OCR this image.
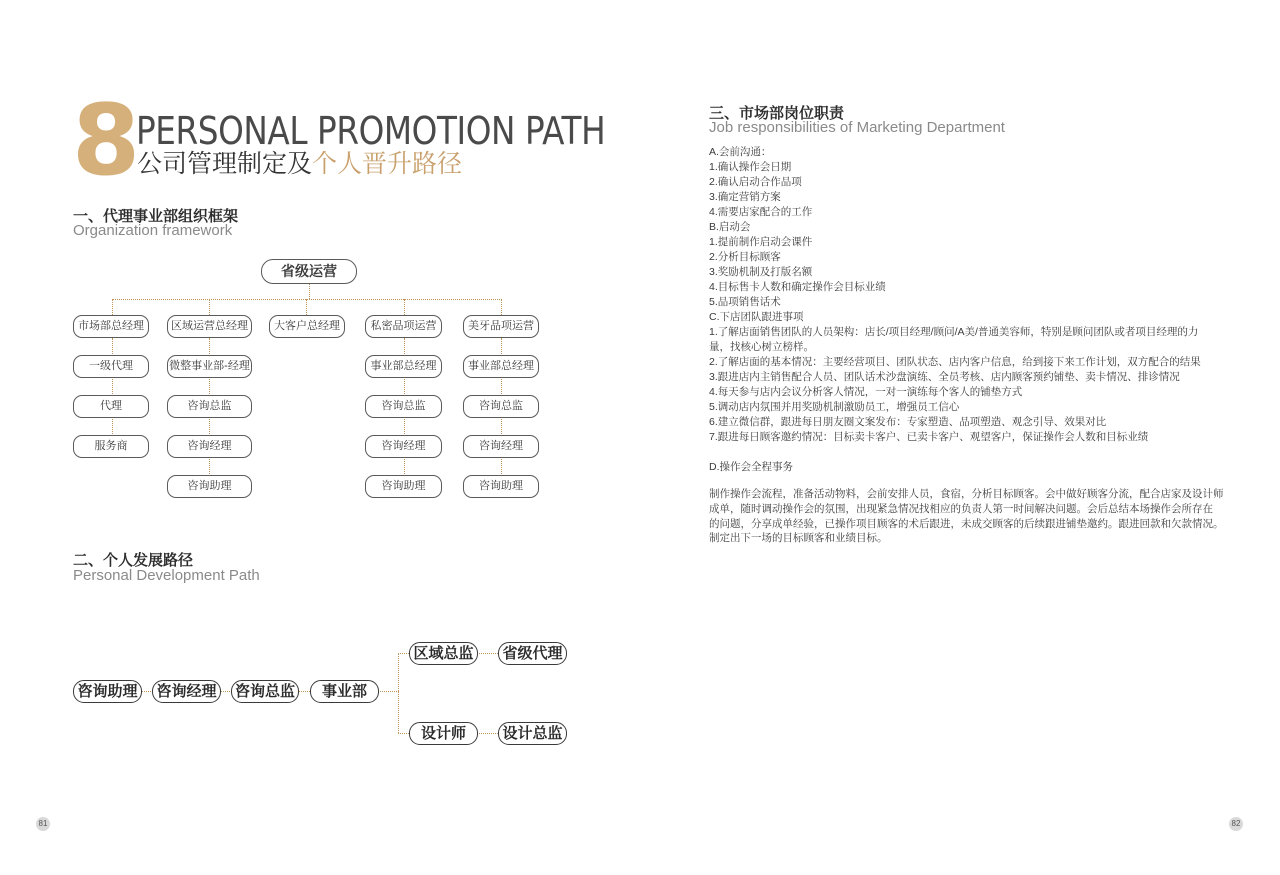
8
PERSONAL PROMOTION PATH
公司管理制定及个人晋升路径
一、代理事业部组织框架
Organization framework
省级运营
市场部总经理
一级代理
代理
服务商
区域运营总经理
微整事业部-经理
咨询总监
咨询经理
咨询助理
大客户总经理	私密品项运营
事业部总经理
咨询总监
咨询经理
咨询助理
美牙品项运营
事业部总经理
咨询总监
咨询经理
咨询助理
二、个人发展路径
Personal Development Path
咨询助理	咨询经理	咨询总监	事业部
区域总监	省级代理
设计师	设计总监
三、市场部岗位职责
Job responsibilities of Marketing Department
A.会前沟通：
1.确认操作会日期
2.确认启动合作品项
3.确定营销方案
4.需要店家配合的工作
B.启动会
1.提前制作启动会课件
2.分析目标顾客
3.奖励机制及打版名额
4.目标售卡人数和确定操作会目标业绩
5.品项销售话术
C.下店团队跟进事项
1.了解店面销售团队的人员架构：店长/项目经理/顾问/A美/普通美容师，特别是顾问团队或者项目经理的力
量，找核心树立榜样。
2.了解店面的基本情况：主要经营项目、团队状态、店内客户信息，给到接下来工作计划，双方配合的结果
3.跟进店内主销售配合人员、团队话术沙盘演练、全员考核、店内顾客预约铺垫、卖卡情况、排诊情况
4.每天参与店内会议分析客人情况，一对一演练每个客人的铺垫方式
5.调动店内氛围并用奖励机制激励员工，增强员工信心
6.建立微信群，跟进每日朋友圈文案发布：专家塑造、品项塑造、观念引导、效果对比
7.跟进每日顾客邀约情况：目标卖卡客户、已卖卡客户、观望客户，保证操作会人数和目标业绩
D.操作会全程事务
制作操作会流程，准备活动物料，会前安排人员，食宿，分析目标顾客。会中做好顾客分流，配合店家及设计师
成单，随时调动操作会的氛围，出现紧急情况找相应的负责人第一时间解决问题。会后总结本场操作会所存在
的问题，分享成单经验，已操作项目顾客的术后跟进，未成交顾客的后续跟进铺垫邀约。跟进回款和欠款情况。
制定出下一场的目标顾客和业绩目标。
81	82
